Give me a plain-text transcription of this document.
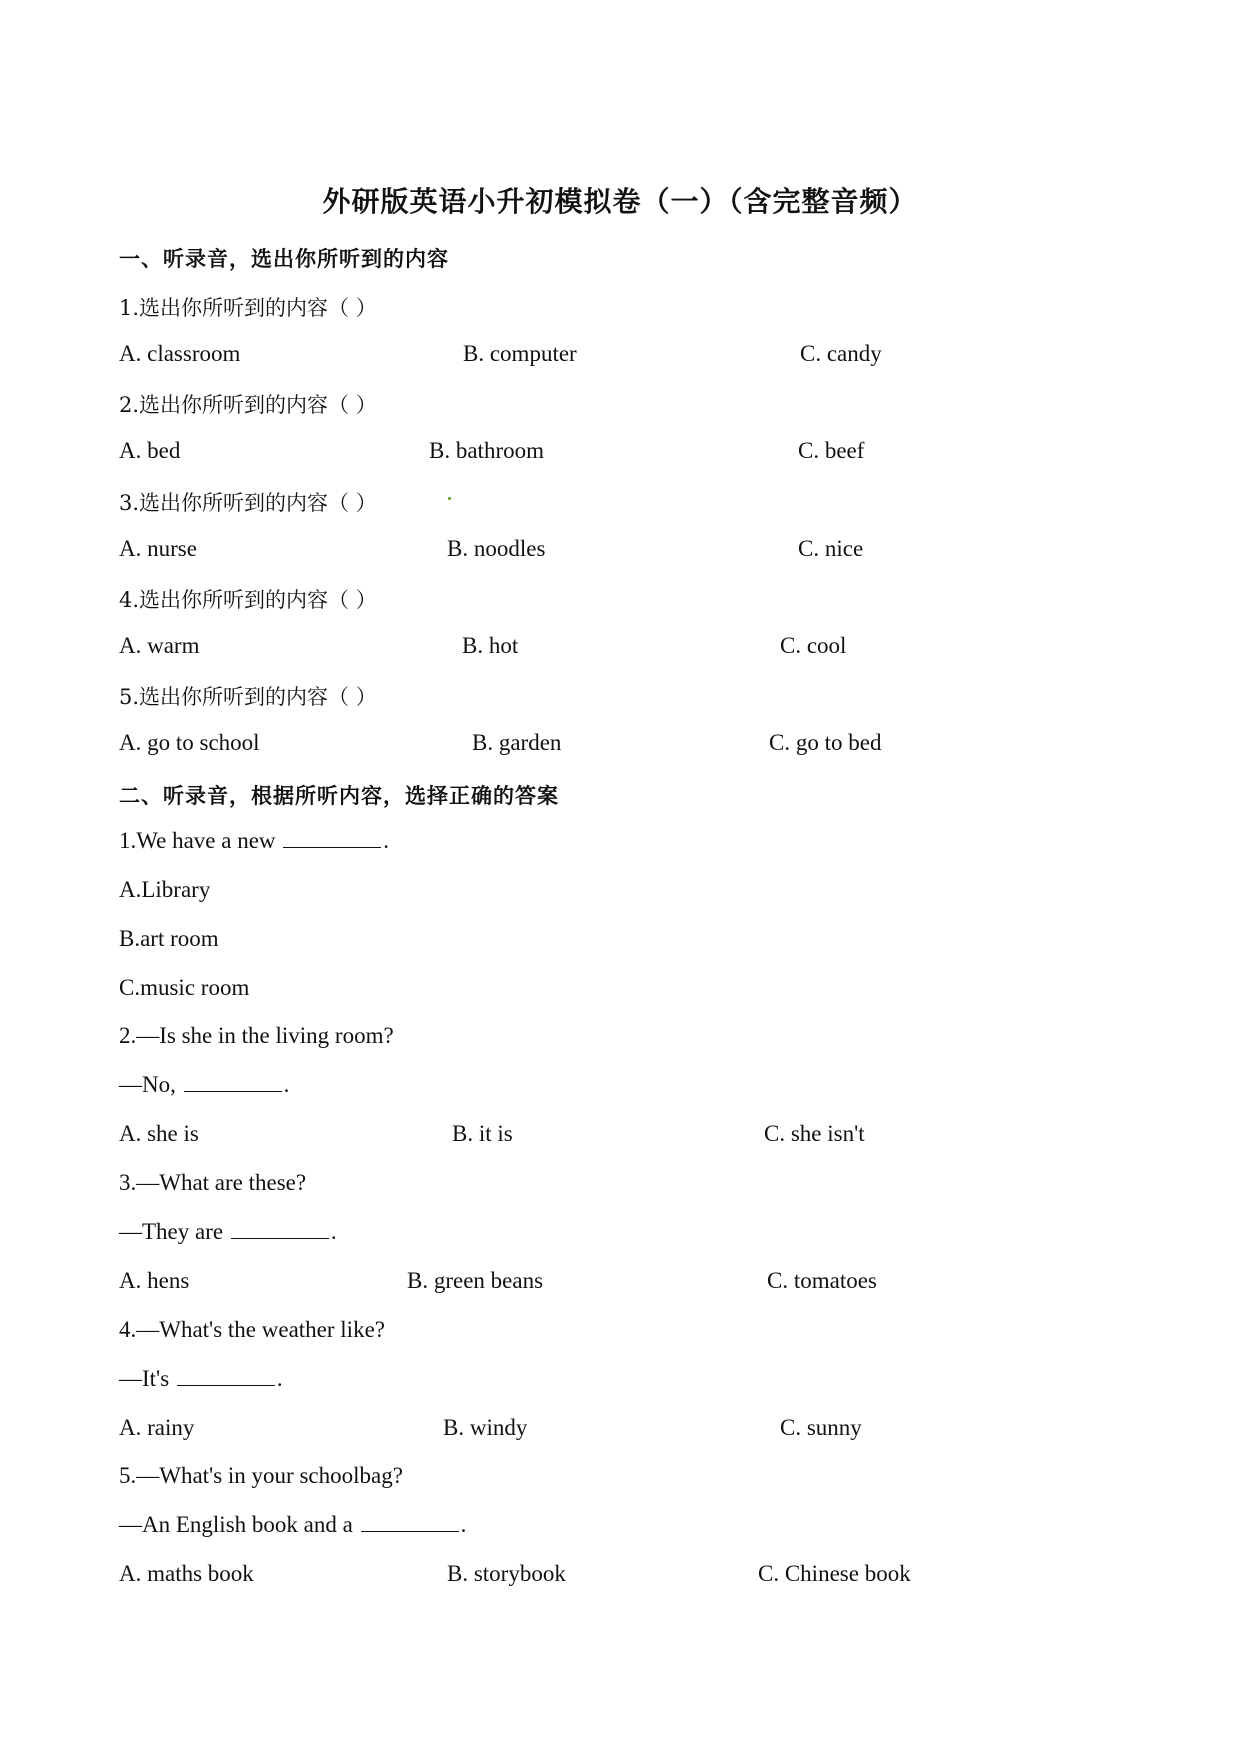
外研版英语小升初模拟卷（一）（含完整音频）
一、听录音，选出你所听到的内容
1.选出你所听到的内容（ ）
A. classroom	B. computer	C. candy
2.选出你所听到的内容（ ）
A. bed	B. bathroom	C. beef
3.选出你所听到的内容（ ）
A. nurse	B. noodles	C. nice
4.选出你所听到的内容（ ）
A. warm	B. hot	C. cool
5.选出你所听到的内容（ ）
A. go to school	B. garden	C. go to bed
二、听录音，根据所听内容，选择正确的答案
1.We have a new	.
A.Library
B.art room
C.music room
2.—Is she in the living room?
—No,	.
A. she is	B. it is	C. she isn't
3.—What are these?
—They are	.
A. hens	B. green beans	C. tomatoes
4.—What's the weather like?
—It's	.
A. rainy	B. windy	C. sunny
5.—What's in your schoolbag?
—An English book and a	.
A. maths book	B. storybook	C. Chinese book
